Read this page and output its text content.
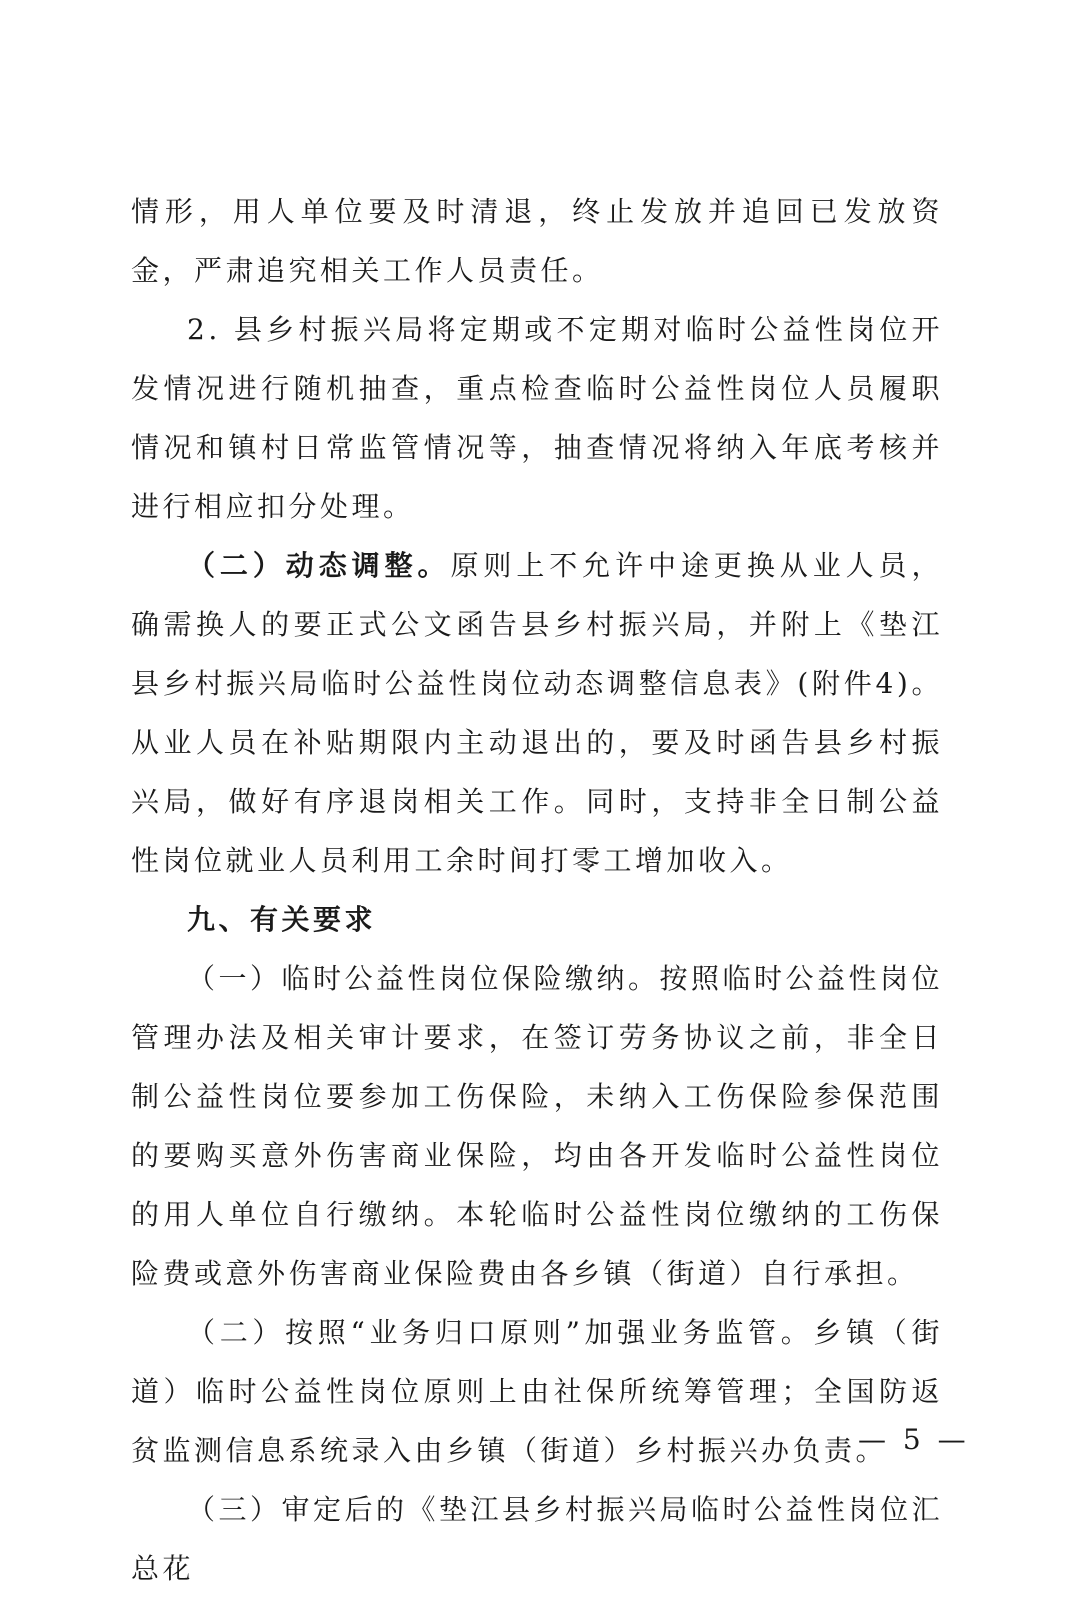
情形，用人单位要及时清退，终止发放并追回已发放资金，严肃追究相关工作人员责任。

2. 县乡村振兴局将定期或不定期对临时公益性岗位开发情况进行随机抽查，重点检查临时公益性岗位人员履职情况和镇村日常监管情况等，抽查情况将纳入年底考核并进行相应扣分处理。

（二）动态调整。原则上不允许中途更换从业人员，确需换人的要正式公文函告县乡村振兴局，并附上《垫江县乡村振兴局临时公益性岗位动态调整信息表》(附件4)。从业人员在补贴期限内主动退出的，要及时函告县乡村振兴局，做好有序退岗相关工作。同时，支持非全日制公益性岗位就业人员利用工余时间打零工增加收入。

九、有关要求

（一）临时公益性岗位保险缴纳。按照临时公益性岗位管理办法及相关审计要求，在签订劳务协议之前，非全日制公益性岗位要参加工伤保险，未纳入工伤保险参保范围的要购买意外伤害商业保险，均由各开发临时公益性岗位的用人单位自行缴纳。本轮临时公益性岗位缴纳的工伤保险费或意外伤害商业保险费由各乡镇（街道）自行承担。

（二）按照“业务归口原则”加强业务监管。乡镇（街道）临时公益性岗位原则上由社保所统筹管理；全国防返贫监测信息系统录入由乡镇（街道）乡村振兴办负责。

（三）审定后的《垫江县乡村振兴局临时公益性岗位汇总花

— 5 —
